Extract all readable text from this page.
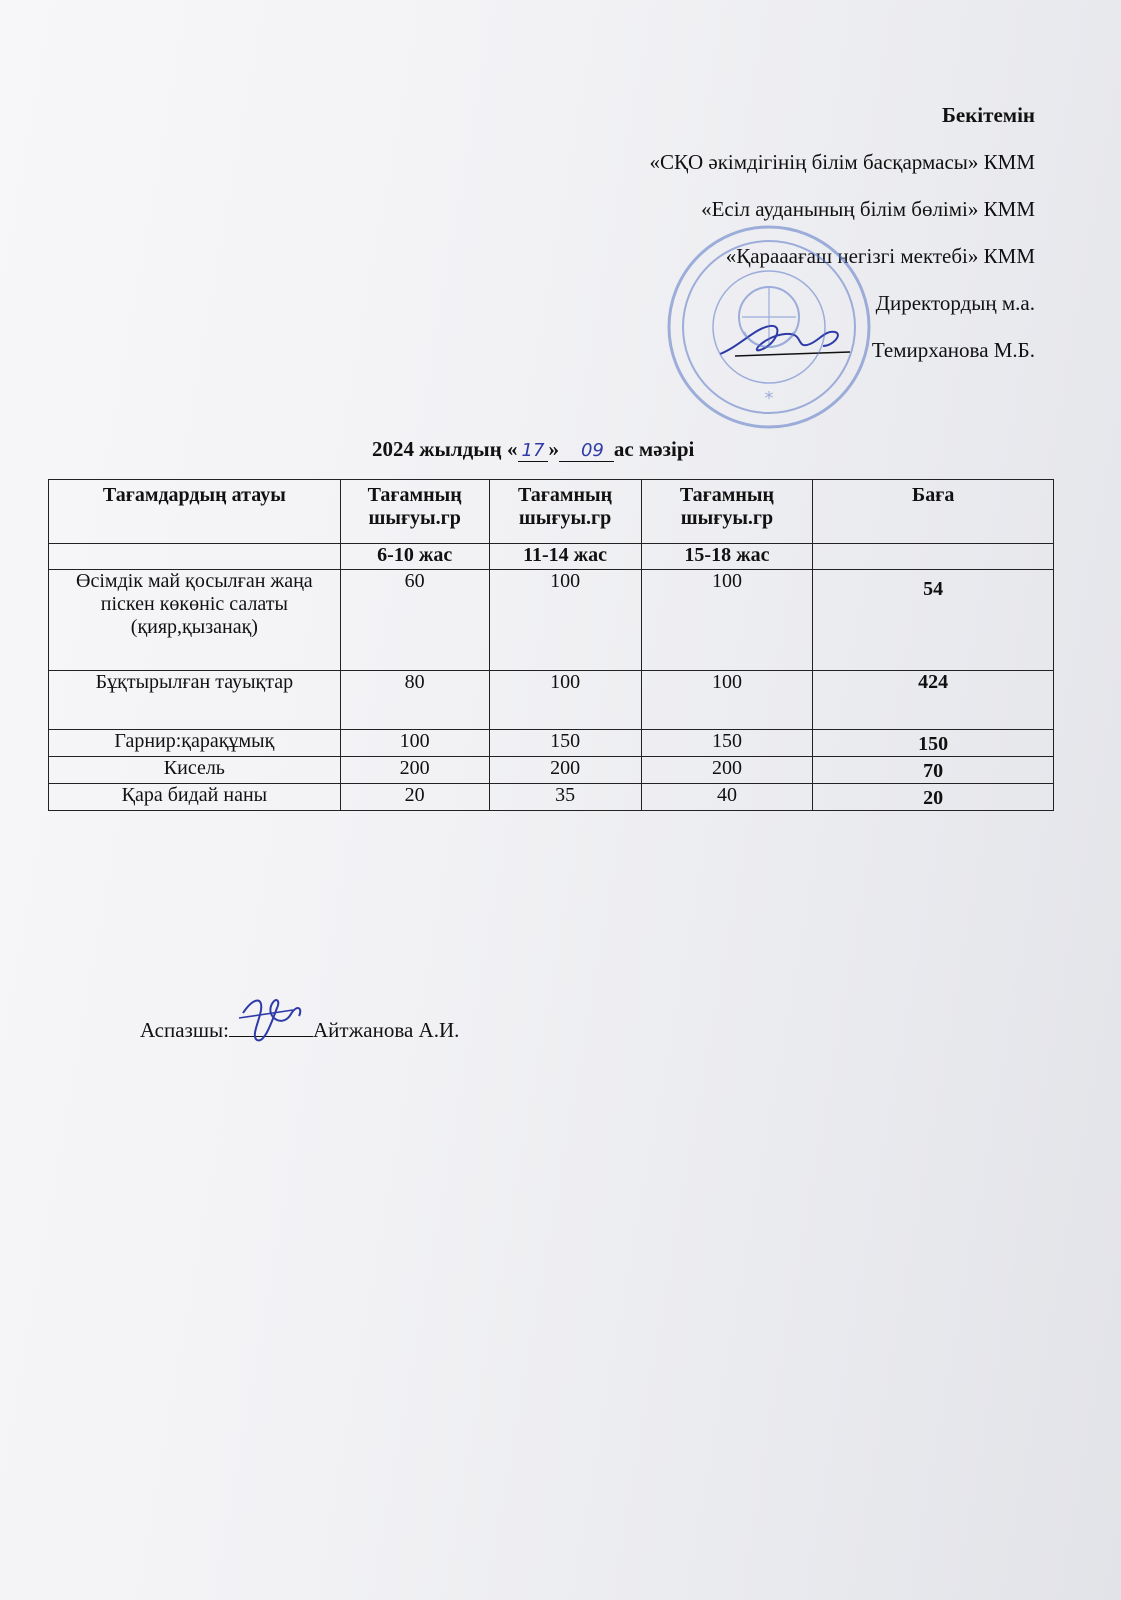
Бекітемін
«СҚО әкімдігінің білім басқармасы» КММ
«Есіл ауданының білім бөлімі» КММ
«Қарааағаш негізгі мектебі» КММ
Директордың м.а.
Темирханова М.Б.
*
2024 жылдың « 17 » 09 ас мәзірі
Тағамдардың атауы	Тағамның шығуы.гр	Тағамның шығуы.гр	Тағамның шығуы.гр	Баға
	6-10 жас	11-14 жас	15-18 жас	
Өсімдік май қосылған жаңа піскен көкөніс салаты (қияр,қызанақ)	60	100	100	54
Бұқтырылған тауықтар	80	100	100	424
Гарнир:қарақұмық	100	150	150	150
Кисель	200	200	200	70
Қара бидай наны	20	35	40	20
Аспазшы:	Айтжанова А.И.
